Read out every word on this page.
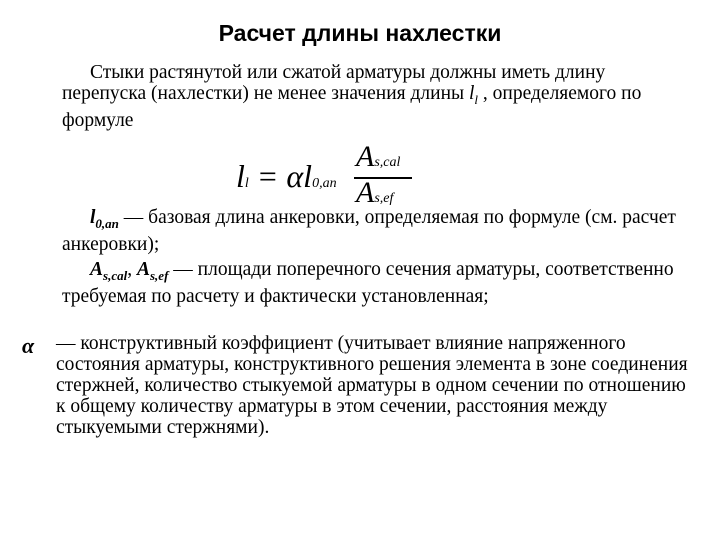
Расчет длины нахлестки
Стыки растянутой или сжатой арматуры должны иметь длину перепуска (нахлестки) не менее значения длины $l_l$ , определяемого по формуле
ll = αl0,an
As,cal
As,ef
$l_{0,an}$ — базовая длина анкеровки, определяемая по формуле (см. расчет анкеровки);
$A_{s,cal}$, $A_{s,ef}$ — площади поперечного сечения арматуры, соответственно требуемая по расчету и фактически установленная;
α — конструктивный коэффициент (учитывает влияние напряженного состояния арматуры, конструктивного решения элемента в зоне соединения стержней, количество стыкуемой арматуры в одном сечении по отношению к общему количеству арматуры в этом сечении, расстояния между стыкуемыми стержнями).
